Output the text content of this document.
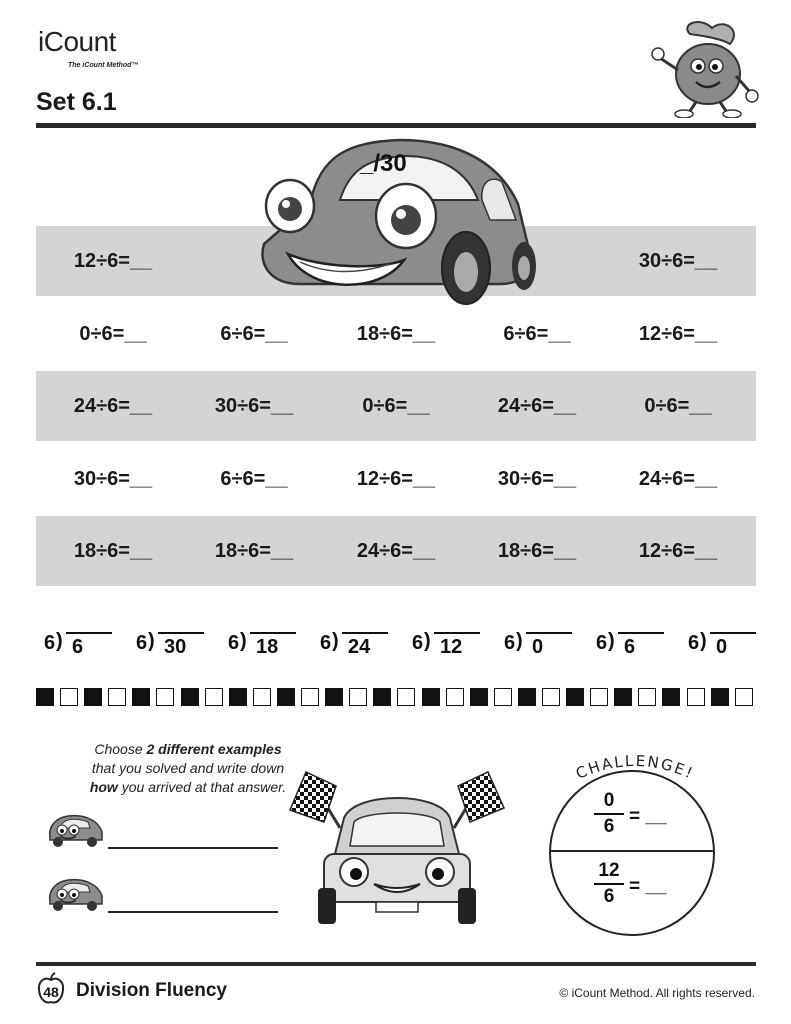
iCount
The iCount Method™
Set 6.1
12÷6=__	30÷6=__
0÷6=__	6÷6=__	18÷6=__	6÷6=__	12÷6=__
24÷6=__	30÷6=__	0÷6=__	24÷6=__	0÷6=__
30÷6=__	6÷6=__	12÷6=__	30÷6=__	24÷6=__
18÷6=__	18÷6=__	24÷6=__	18÷6=__	12÷6=__
_/30
6 ) 6	6 ) 30	6 ) 18	6 ) 24	6 ) 12	6 ) 0	6 ) 6	6 ) 0
Choose 2 different examples
that you solved and write down
how you arrived at that answer.
CHALLENGE!
0
6 = __
12
6 = __
48 Division Fluency	© iCount Method. All rights reserved.
